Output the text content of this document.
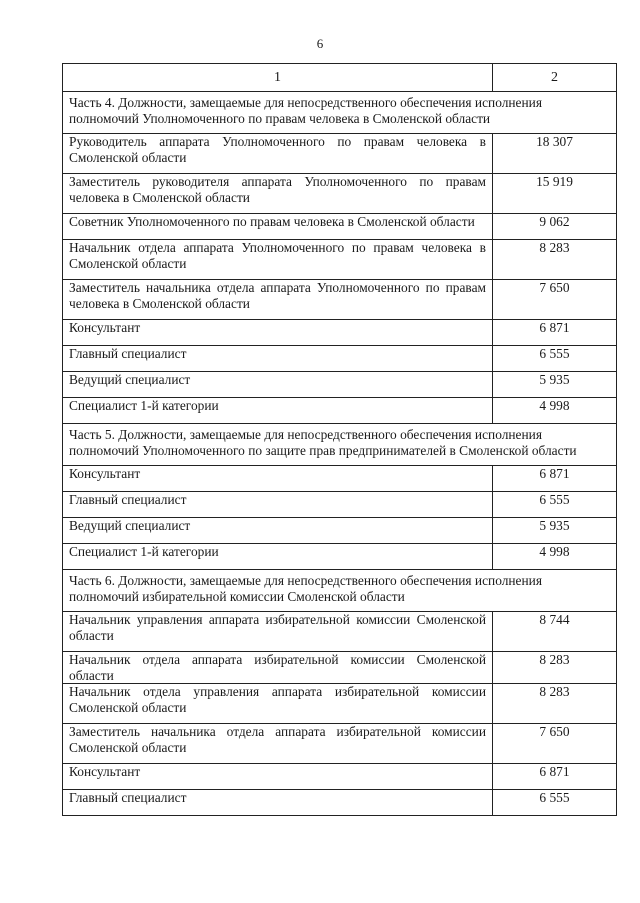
6
1	2
Часть 4. Должности, замещаемые для непосредственного обеспечения исполнения полномочий Уполномоченного по правам человека в Смоленской области	
Руководитель аппарата Уполномоченного по правам человека в Смоленской области	18 307
Заместитель руководителя аппарата Уполномоченного по правам человека в Смоленской области	15 919
Советник Уполномоченного по правам человека в Смоленской области	9 062
Начальник отдела аппарата Уполномоченного по правам человека в Смоленской области	8 283
Заместитель начальника отдела аппарата Уполномоченного по правам человека в Смоленской области	7 650
Консультант	6 871
Главный специалист	6 555
Ведущий специалист	5 935
Специалист 1-й категории	4 998
Часть 5. Должности, замещаемые для непосредственного обеспечения исполнения полномочий Уполномоченного по защите прав предпринимателей в Смоленской области	
Консультант	6 871
Главный специалист	6 555
Ведущий специалист	5 935
Специалист 1-й категории	4 998
Часть 6. Должности, замещаемые для непосредственного обеспечения исполнения полномочий избирательной комиссии Смоленской области	
Начальник управления аппарата избирательной комиссии Смоленской области	8 744
Начальник отдела аппарата избирательной комиссии Смоленской области	8 283
Начальник отдела управления аппарата избирательной комиссии Смоленской области	8 283
Заместитель начальника отдела аппарата избирательной комиссии Смоленской области	7 650
Консультант	6 871
Главный специалист	6 555
